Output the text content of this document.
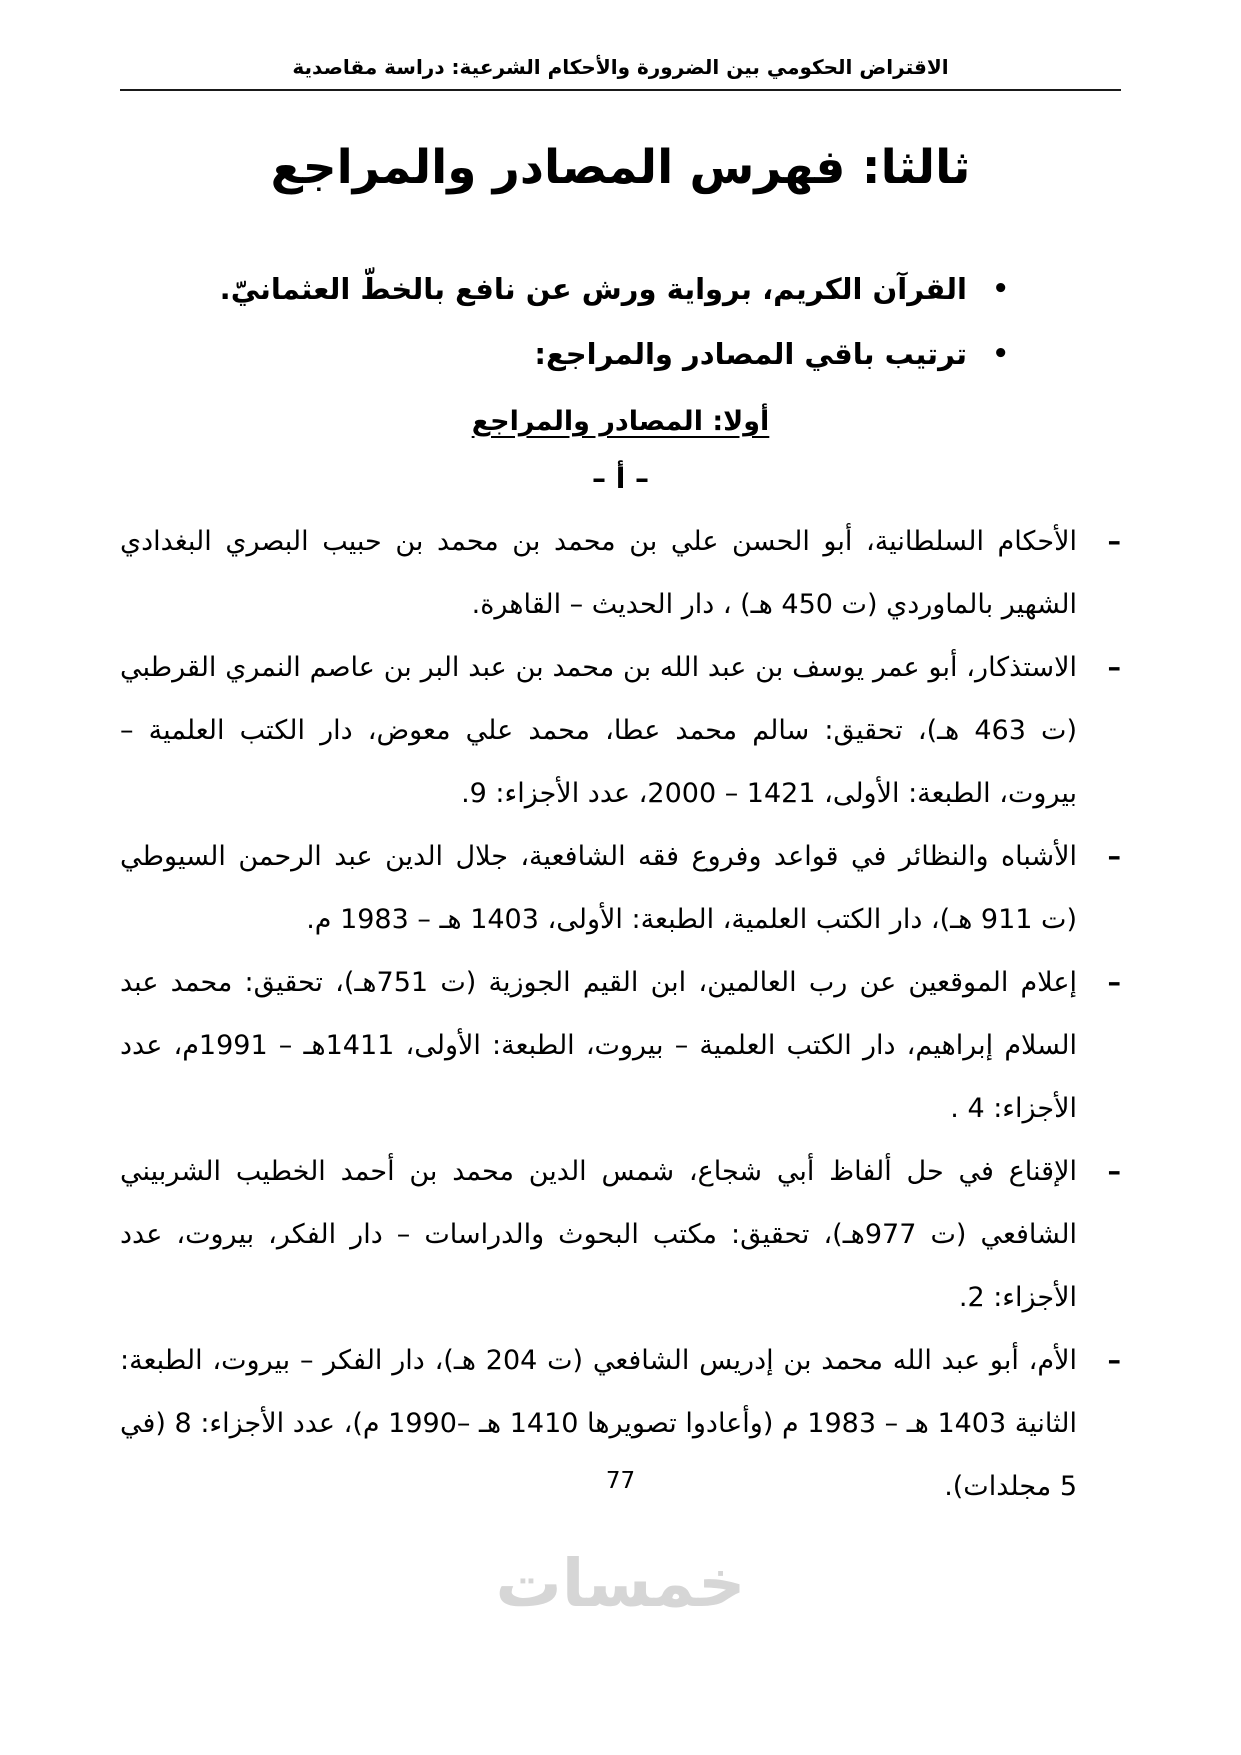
الاقتراض الحكومي بين الضرورة والأحكام الشرعية: دراسة مقاصدية
ثالثا: فهرس المصادر والمراجع
•
القرآن الكريم، برواية ورش عن نافع بالخطّ العثمانيّ.
•
ترتيب باقي المصادر والمراجع:
أولا: المصادر والمراجع
– أ –
–
الأحكام السلطانية، أبو الحسن علي بن محمد بن محمد بن حبيب البصري البغدادي الشهير بالماوردي (ت 450 هـ) ، دار الحديث – القاهرة.
–
الاستذكار، أبو عمر يوسف بن عبد الله بن محمد بن عبد البر بن عاصم النمري القرطبي (ت 463 هـ)، تحقيق: سالم محمد عطا، محمد علي معوض، دار الكتب العلمية – بيروت، الطبعة: الأولى، 1421 – 2000، عدد الأجزاء: 9.
–
الأشباه والنظائر في قواعد وفروع فقه الشافعية، جلال الدين عبد الرحمن السيوطي (ت 911 هـ)، دار الكتب العلمية، الطبعة: الأولى، 1403 هـ – 1983 م.
–
إعلام الموقعين عن رب العالمين، ابن القيم الجوزية (ت 751هـ)، تحقيق: محمد عبد السلام إبراهيم، دار الكتب العلمية – بيروت، الطبعة: الأولى، 1411هـ – 1991م، عدد الأجزاء: 4 .
–
الإقناع في حل ألفاظ أبي شجاع، شمس الدين محمد بن أحمد الخطيب الشربيني الشافعي (ت 977هـ)، تحقيق: مكتب البحوث والدراسات – دار الفكر، بيروت، عدد الأجزاء: 2.
–
الأم، أبو عبد الله محمد بن إدريس الشافعي (ت 204 هـ)، دار الفكر – بيروت، الطبعة: الثانية 1403 هـ – 1983 م (وأعادوا تصويرها 1410 هـ –1990 م)، عدد الأجزاء: 8 (في 5 مجلدات).
77
خمسات
